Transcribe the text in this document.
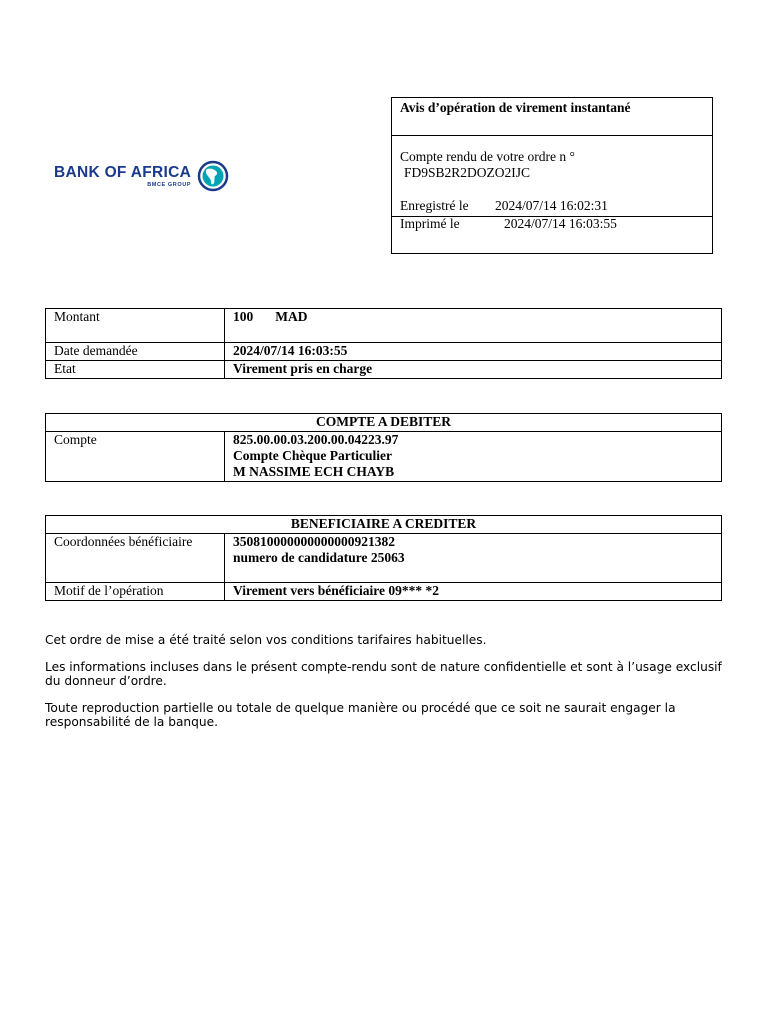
BANK OF AFRICA
BMCE GROUP
Avis d’opération de virement instantané
Compte rendu de votre ordre n °
FD9SB2R2DOZO2IJC
Enregistré le 2024/07/14 16:02:31
Imprimé le	2024/07/14 16:03:55
Montant	100 MAD
Date demandée	2024/07/14 16:03:55
Etat	Virement pris en charge
COMPTE A DEBITER
Compte	825.00.00.03.200.00.04223.97
Compte Chèque Particulier
M NASSIME ECH CHAYB
BENEFICIAIRE A CREDITER	
Coordonnées bénéficiaire	350810000000000000921382
numero de candidature 25063

Motif de l’opération	Virement vers bénéficiaire 09*** *2

Cet ordre de mise a été traité selon vos conditions tarifaires habituelles.

Les informations incluses dans le présent compte-rendu sont de nature confidentielle et sont à l’usage exclusif du donneur d’ordre.

Toute reproduction partielle ou totale de quelque manière ou procédé que ce soit ne saurait engager la responsabilité de la banque.
